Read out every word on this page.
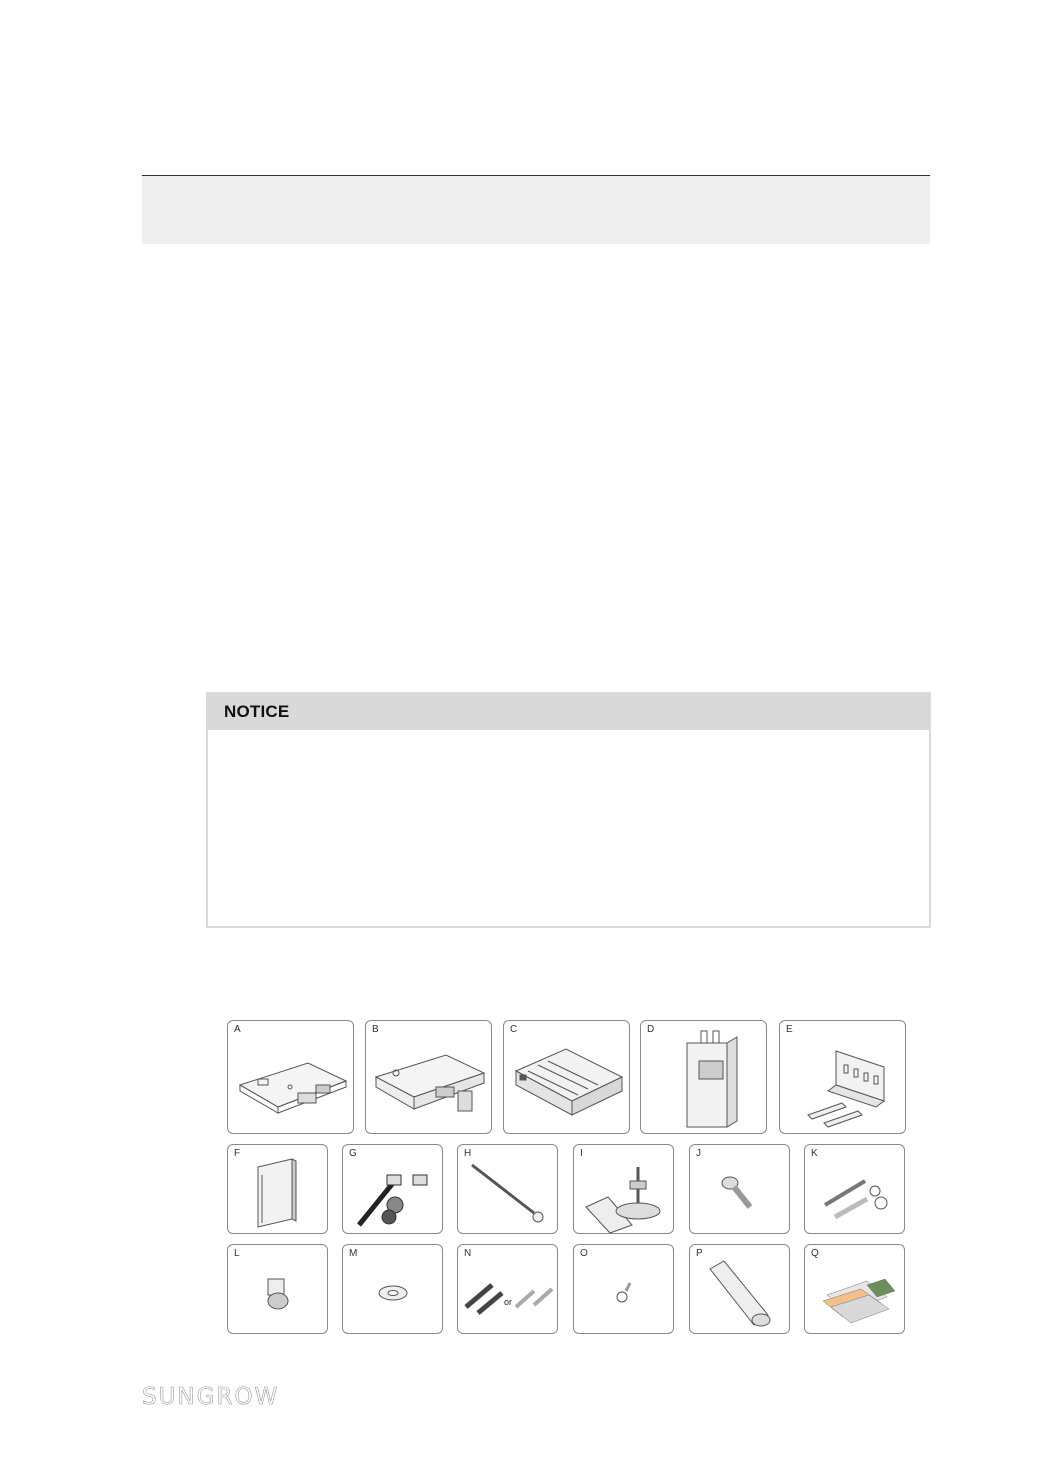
NOTICE
A	B	C	D	E
F	G	H	I	J	K
L	M	N
or
O	P	Q
SUNGROW
